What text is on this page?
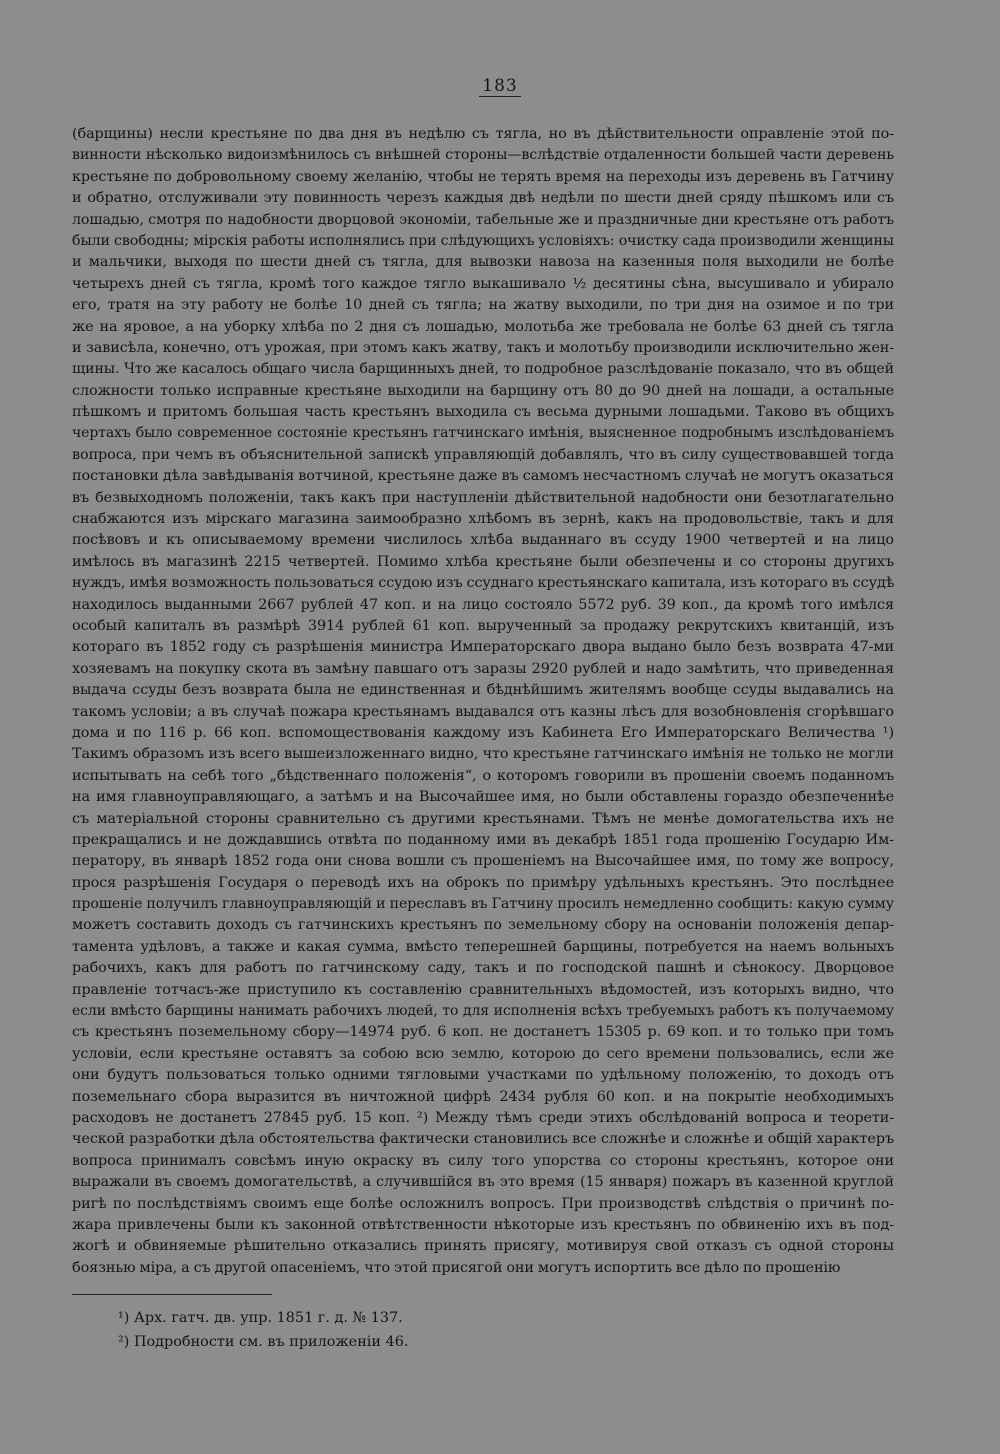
183
(барщины) несли крестьяне по два дня въ недѣлю съ тягла, но въ дѣйствительности оправленіе этой по-
винности нѣсколько видоизмѣнилось съ внѣшней стороны—вслѣдствіе отдаленности большей части деревень
крестьяне по добровольному своему желанію, чтобы не терять время на переходы изъ деревень въ Гатчину
и обратно, отслуживали эту повинность черезъ каждыя двѣ недѣли по шести дней сряду пѣшкомъ или съ
лошадью, смотря по надобности дворцовой экономіи, табельные же и праздничные дни крестьяне отъ работъ
были свободны; мірскія работы исполнялись при слѣдующихъ условіяхъ: очистку сада производили женщины
и мальчики, выходя по шести дней съ тягла, для вывозки навоза на казенныя поля выходили не болѣе
четырехъ дней съ тягла, кромѣ того каждое тягло выкашивало ½ десятины сѣна, высушивало и убирало
его, тратя на эту работу не болѣе 10 дней съ тягла; на жатву выходили, по три дня на озимое и по три
же на яровое, а на уборку хлѣба по 2 дня съ лошадью, молотьба же требовала не болѣе 63 дней съ тягла
и зависѣла, конечно, отъ урожая, при этомъ какъ жатву, такъ и молотьбу производили исключительно жен-
щины. Что же касалось общаго числа барщинныхъ дней, то подробное разслѣдованіе показало, что въ общей
сложности только исправные крестьяне выходили на барщину отъ 80 до 90 дней на лошади, а остальные
пѣшкомъ и притомъ большая часть крестьянъ выходила съ весьма дурными лошадьми. Таково въ общихъ
чертахъ было современное состояніе крестьянъ гатчинскаго имѣнія, выясненное подробнымъ изслѣдованіемъ
вопроса, при чемъ въ объяснительной запискѣ управляющій добавлялъ, что въ силу существовавшей тогда
постановки дѣла завѣдыванія вотчиной, крестьяне даже въ самомъ несчастномъ случаѣ не могутъ оказаться
въ безвыходномъ положеніи, такъ какъ при наступленіи дѣйствительной надобности они безотлагательно
снабжаются изъ мірскаго магазина заимообразно хлѣбомъ въ зернѣ, какъ на продовольствіе, такъ и для
посѣвовъ и къ описываемому времени числилось хлѣба выданнаго въ ссуду 1900 четвертей и на лицо
имѣлось въ магазинѣ 2215 четвертей. Помимо хлѣба крестьяне были обезпечены и со стороны другихъ
нуждъ, имѣя возможность пользоваться ссудою изъ ссуднаго крестьянскаго капитала, изъ котораго въ ссудѣ
находилось выданными 2667 рублей 47 коп. и на лицо состояло 5572 руб. 39 коп., да кромѣ того имѣлся
особый капиталъ въ размѣрѣ 3914 рублей 61 коп. вырученный за продажу рекрутскихъ квитанцій, изъ
котораго въ 1852 году съ разрѣшенія министра Императорскаго двора выдано было безъ возврата 47-ми
хозяевамъ на покупку скота въ замѣну павшаго отъ заразы 2920 рублей и надо замѣтить, что приведенная
выдача ссуды безъ возврата была не единственная и бѣднѣйшимъ жителямъ вообще ссуды выдавались на
такомъ условіи; а въ случаѣ пожара крестьянамъ выдавался отъ казны лѣсъ для возобновленія сгорѣвшаго
дома и по 116 р. 66 коп. вспомоществованія каждому изъ Кабинета Его Императорскаго Величества ¹)
Такимъ образомъ изъ всего вышеизложеннаго видно, что крестьяне гатчинскаго имѣнія не только не могли
испытывать на себѣ того „бѣдственнаго положенія“, о которомъ говорили въ прошеніи своемъ поданномъ
на имя главноуправляющаго, а затѣмъ и на Высочайшее имя, но были обставлены гораздо обезпеченнѣе
съ матеріальной стороны сравнительно съ другими крестьянами. Тѣмъ не менѣе домогательства ихъ не
прекращались и не дождавшись отвѣта по поданному ими въ декабрѣ 1851 года прошенію Государю Им-
ператору, въ январѣ 1852 года они снова вошли съ прошеніемъ на Высочайшее имя, по тому же вопросу,
прося разрѣшенія Государя о переводѣ ихъ на оброкъ по примѣру удѣльныхъ крестьянъ. Это послѣднее
прошеніе получилъ главноуправляющій и переславъ въ Гатчину просилъ немедленно сообщить: какую сумму
можетъ составить доходъ съ гатчинскихъ крестьянъ по земельному сбору на основаніи положенія депар-
тамента удѣловъ, а также и какая сумма, вмѣсто теперешней барщины, потребуется на наемъ вольныхъ
рабочихъ, какъ для работъ по гатчинскому саду, такъ и по господской пашнѣ и сѣнокосу. Дворцовое
правленіе тотчасъ-же приступило къ составленію сравнительныхъ вѣдомостей, изъ которыхъ видно, что
если вмѣсто барщины нанимать рабочихъ людей, то для исполненія всѣхъ требуемыхъ работъ къ получаемому
съ крестьянъ поземельному сбору—14974 руб. 6 коп. не достанетъ 15305 р. 69 коп. и то только при томъ
условіи, если крестьяне оставятъ за собою всю землю, которою до сего времени пользовались, если же
они будутъ пользоваться только одними тягловыми участками по удѣльному положенію, то доходъ отъ
поземельнаго сбора выразится въ ничтожной цифрѣ 2434 рубля 60 коп. и на покрытіе необходимыхъ
расходовъ не достанетъ 27845 руб. 15 коп. ²) Между тѣмъ среди этихъ обслѣдованій вопроса и теорети-
ческой разработки дѣла обстоятельства фактически становились все сложнѣе и сложнѣе и общій характеръ
вопроса принималъ совсѣмъ иную окраску въ силу того упорства со стороны крестьянъ, которое они
выражали въ своемъ домогательствѣ, а случившійся въ это время (15 января) пожаръ въ казенной круглой
ригѣ по послѣдствіямъ своимъ еще болѣе осложнилъ вопросъ. При производствѣ слѣдствія о причинѣ по-
жара привлечены были къ законной отвѣтственности нѣкоторые изъ крестьянъ по обвиненію ихъ въ под-
жогѣ и обвиняемые рѣшительно отказались принять присягу, мотивируя свой отказъ съ одной стороны
боязнью міра, а съ другой опасеніемъ, что этой присягой они могутъ испортить все дѣло по прошенію
¹) Арх. гатч. дв. упр. 1851 г. д. № 137.
²) Подробности см. въ приложеніи 46.
